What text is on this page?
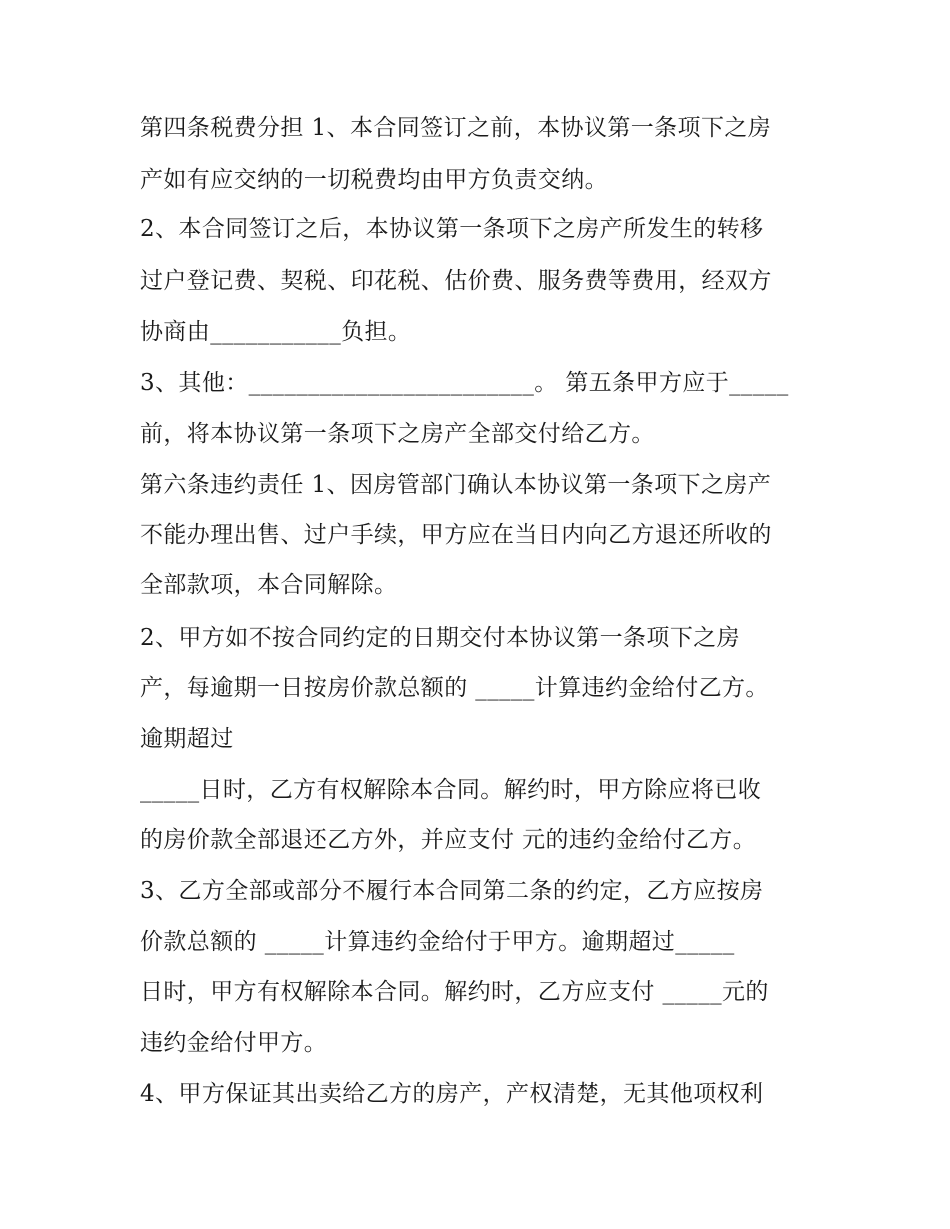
第四条税费分担 1、本合同签订之前，本协议第一条项下之房
产如有应交纳的一切税费均由甲方负责交纳。
2、本合同签订之后，本协议第一条项下之房产所发生的转移
过户登记费、契税、印花税、估价费、服务费等费用，经双方
协商由___________负担。
3、其他：________________________。 第五条甲方应于_____
前，将本协议第一条项下之房产全部交付给乙方。
第六条违约责任 1、因房管部门确认本协议第一条项下之房产
不能办理出售、过户手续，甲方应在当日内向乙方退还所收的
全部款项，本合同解除。
2、甲方如不按合同约定的日期交付本协议第一条项下之房
产，每逾期一日按房价款总额的 _____计算违约金给付乙方。
逾期超过
_____日时，乙方有权解除本合同。解约时，甲方除应将已收
的房价款全部退还乙方外，并应支付 元的违约金给付乙方。
3、乙方全部或部分不履行本合同第二条的约定，乙方应按房
价款总额的 _____计算违约金给付于甲方。逾期超过_____
日时，甲方有权解除本合同。解约时，乙方应支付 _____元的
违约金给付甲方。
4、甲方保证其出卖给乙方的房产，产权清楚，无其他项权利
